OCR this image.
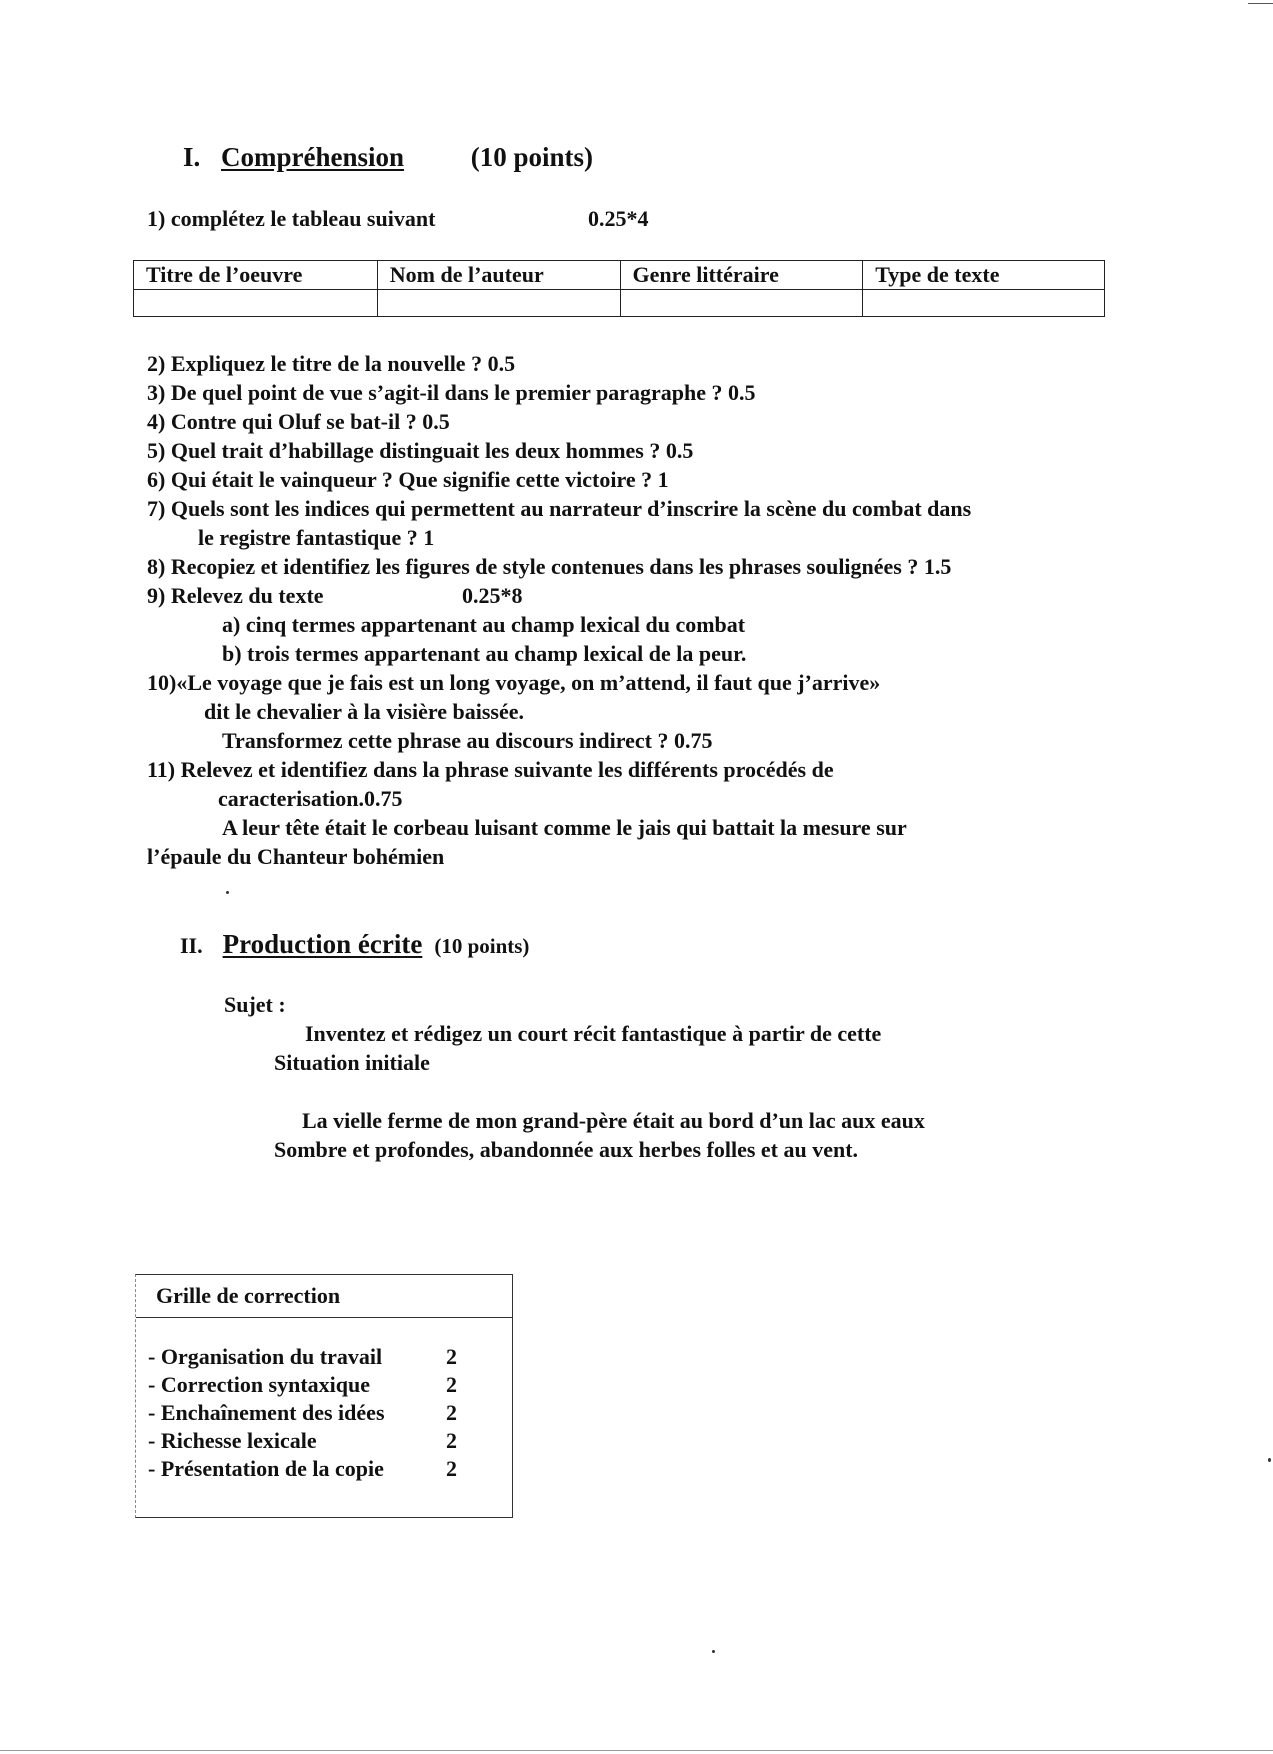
I. Compréhension (10 points)
1) complétez le tableau suivant	0.25*4
Titre de l’oeuvre	Nom de l’auteur	Genre littéraire	Type de texte

2) Expliquez le titre de la nouvelle ? 0.5
3) De quel point de vue s’agit-il dans le premier paragraphe ? 0.5
4) Contre qui Oluf se bat-il ? 0.5
5) Quel trait d’habillage distinguait les deux hommes ? 0.5
6) Qui était le vainqueur ? Que signifie cette victoire ? 1
7) Quels sont les indices qui permettent au narrateur d’inscrire la scène du combat dans
le registre fantastique ? 1
8) Recopiez et identifiez les figures de style contenues dans les phrases soulignées ? 1.5
9) Relevez du texte	0.25*8
a) cinq termes appartenant au champ lexical du combat
b) trois termes appartenant au champ lexical de la peur.
10)«Le voyage que je fais est un long voyage, on m’attend, il faut que j’arrive»
dit le chevalier à la visière baissée.
Transformez cette phrase au discours indirect ? 0.75
11) Relevez et identifiez dans la phrase suivante les différents procédés de
caracterisation.0.75
A leur tête était le corbeau luisant comme le jais qui battait la mesure sur
l’épaule du Chanteur bohémien
II. Production écrite (10 points)
Sujet :
Inventez et rédigez un court récit fantastique à partir de cette
Situation initiale
La vielle ferme de mon grand-père était au bord d’un lac aux eaux
Sombre et profondes, abandonnée aux herbes folles et au vent.
Grille de correction
- Organisation du travail	2
- Correction syntaxique	2
- Enchaînement des idées	2
- Richesse lexicale	2
- Présentation de la copie	2
